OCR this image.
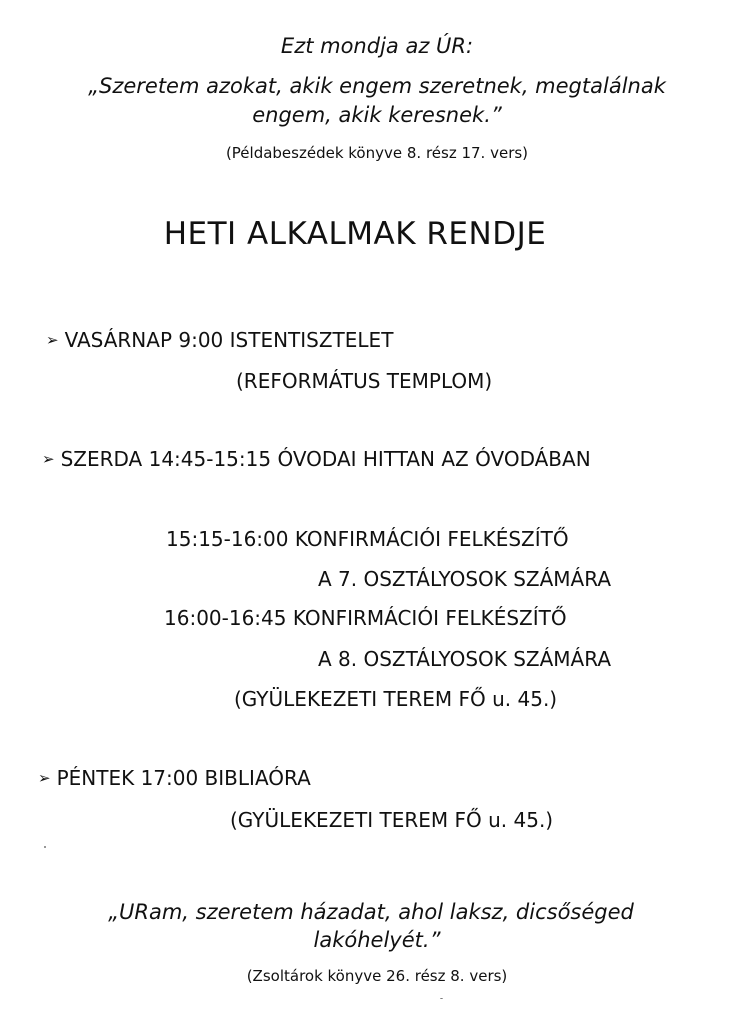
Ezt mondja az ÚR:
„Szeretem azokat, akik engem szeretnek, megtalálnak
engem, akik keresnek.”
(Példabeszédek könyve 8. rész 17. vers)
HETI ALKALMAK RENDJE
➢ VASÁRNAP 9:00 ISTENTISZTELET
(REFORMÁTUS TEMPLOM)
➢ SZERDA 14:45-15:15 ÓVODAI HITTAN AZ ÓVODÁBAN
15:15-16:00 KONFIRMÁCIÓI FELKÉSZÍTŐ
A 7. OSZTÁLYOSOK SZÁMÁRA
16:00-16:45 KONFIRMÁCIÓI FELKÉSZÍTŐ
A 8. OSZTÁLYOSOK SZÁMÁRA
(GYÜLEKEZETI TEREM FŐ u. 45.)
➢ PÉNTEK 17:00 BIBLIAÓRA
(GYÜLEKEZETI TEREM FŐ u. 45.)
„URam, szeretem házadat, ahol laksz, dicsőséged
lakóhelyét.”
(Zsoltárok könyve 26. rész 8. vers)
